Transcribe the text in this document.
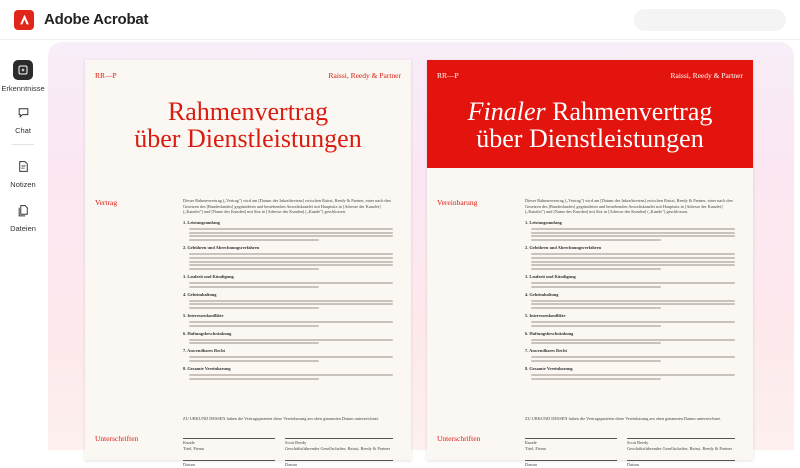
Adobe Acrobat
Erkenntnisse
Chat
Notizen
Dateien
RR—P	Raissi, Reedy & Partner
Rahmenvertrag
über Dienstleistungen
Vertrag	Dieser Rahmenvertrag („Vertrag") wird am [Datum des Inkrafttretens] zwischen Raissi, Reedy & Partner, einer nach den Gesetzen des [Bundeslandes] gegründeten und bestehenden Anwaltskanzlei mit Hauptsitz in [Adresse der Kanzlei] („Kanzlei") und [Name des Kunden] mit Sitz in [Adresse des Kunden] („Kunde") geschlossen.
1. Leistungsumfang
2. Gebühren und Abrechnungsverfahren
3. Laufzeit und Kündigung
4. Geheimhaltung
5. Interessenkonflikte
6. Haftungsbeschränkung
7. Anwendbares Recht
8. Gesamte Vereinbarung
ZU URKUND DESSEN haben die Vertragsparteien diese Vereinbarung am oben genannten Datum unterzeichnet.
Unterschriften	Kunde
Titel, Firma
Scott Reedy
Geschäftsführender Gesellschafter, Raissi, Reedy & Partner
Datum	Datum
RR—P	Raissi, Reedy & Partner
Finaler Rahmenvertrag
über Dienstleistungen
Vereinbarung	Dieser Rahmenvertrag („Vertrag") wird am [Datum des Inkrafttretens] zwischen Raissi, Reedy & Partner, einer nach den Gesetzen des [Bundeslandes] gegründeten und bestehenden Anwaltskanzlei mit Hauptsitz in [Adresse der Kanzlei] („Kanzlei") und [Name des Kunden] mit Sitz in [Adresse des Kunden] („Kunde") geschlossen.
1. Leistungsumfang
2. Gebühren und Abrechnungsverfahren
3. Laufzeit und Kündigung
4. Geheimhaltung
5. Interessenkonflikte
6. Haftungsbeschränkung
7. Anwendbares Recht
8. Gesamte Vereinbarung
ZU URKUND DESSEN haben die Vertragsparteien diese Vereinbarung am oben genannten Datum unterzeichnet.
Unterschriften	Kunde
Titel, Firma
Scott Reedy
Geschäftsführender Gesellschafter, Raissi, Reedy & Partner
Datum	Datum
